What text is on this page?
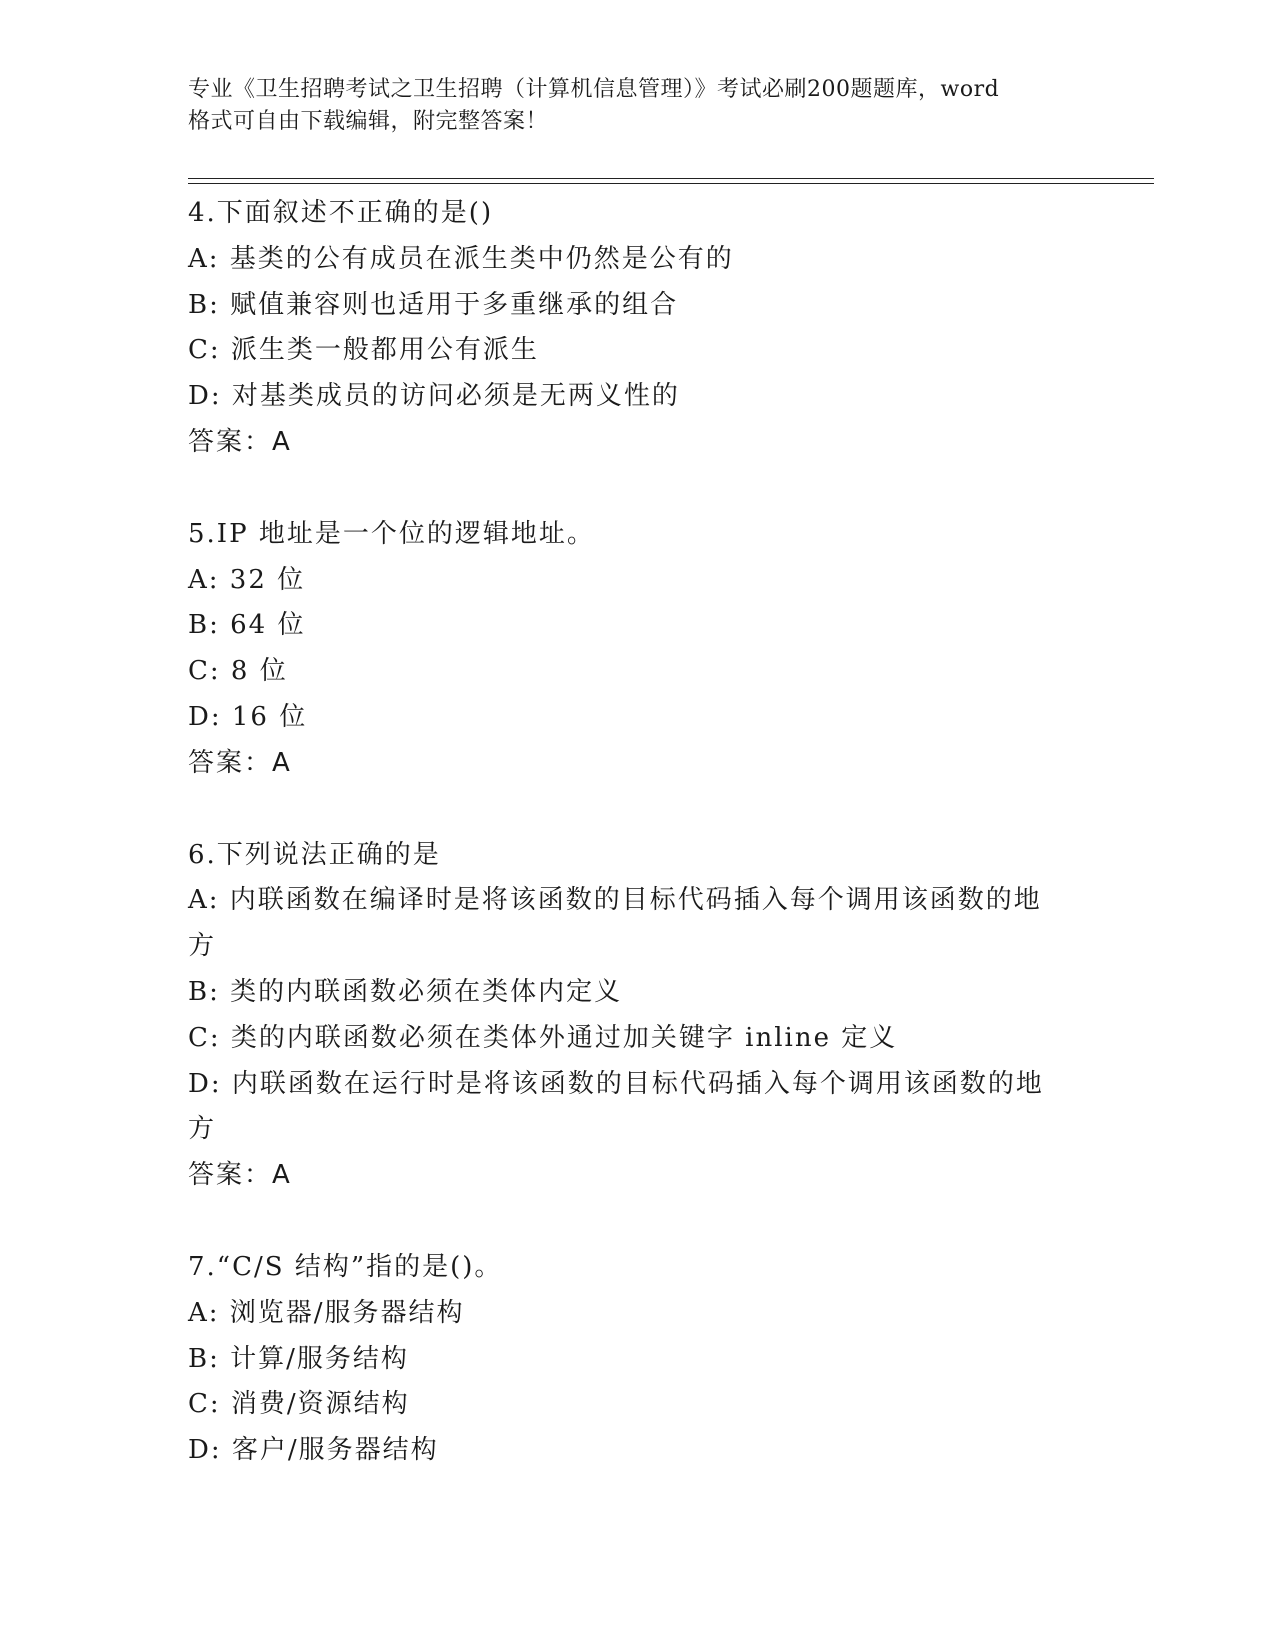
专业《卫生招聘考试之卫生招聘（计算机信息管理）》考试必刷200题题库，word
格式可自由下载编辑，附完整答案！
4.下面叙述不正确的是()
A: 基类的公有成员在派生类中仍然是公有的
B: 赋值兼容则也适用于多重继承的组合
C: 派生类一般都用公有派生
D: 对基类成员的访问必须是无两义性的
答案：A
5.IP 地址是一个位的逻辑地址。
A: 32 位
B: 64 位
C: 8 位
D: 16 位
答案：A
6.下列说法正确的是
A: 内联函数在编译时是将该函数的目标代码插入每个调用该函数的地
方
B: 类的内联函数必须在类体内定义
C: 类的内联函数必须在类体外通过加关键字 inline 定义
D: 内联函数在运行时是将该函数的目标代码插入每个调用该函数的地
方
答案：A
7.“C/S 结构”指的是()。
A: 浏览器/服务器结构
B: 计算/服务结构
C: 消费/资源结构
D: 客户/服务器结构
